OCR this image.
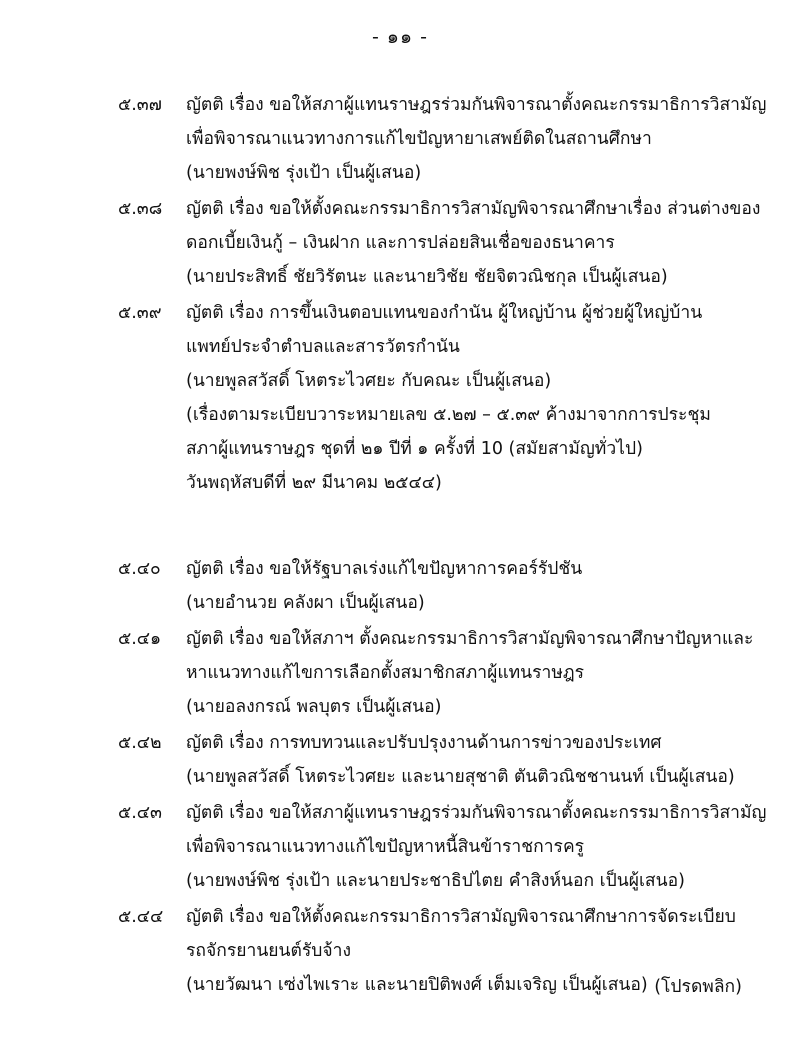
- ๑๑ -
๕.๓๗	ญัตติ เรื่อง ขอให้สภาผู้แทนราษฎรร่วมกันพิจารณาตั้งคณะกรรมาธิการวิสามัญ
เพื่อพิจารณาแนวทางการแก้ไขปัญหายาเสพย์ติดในสถานศึกษา
(นายพงษ์พิช รุ่งเป้า เป็นผู้เสนอ)
๕.๓๘	ญัตติ เรื่อง ขอให้ตั้งคณะกรรมาธิการวิสามัญพิจารณาศึกษาเรื่อง ส่วนต่างของ
ดอกเบี้ยเงินกู้ – เงินฝาก และการปล่อยสินเชื่อของธนาคาร
(นายประสิทธิ์ ชัยวิรัตนะ และนายวิชัย ชัยจิตวณิชกุล เป็นผู้เสนอ)
๕.๓๙	ญัตติ เรื่อง การขึ้นเงินตอบแทนของกำนัน ผู้ใหญ่บ้าน ผู้ช่วยผู้ใหญ่บ้าน
แพทย์ประจำตำบลและสารวัตรกำนัน
(นายพูลสวัสดิ์ โหตระไวศยะ กับคณะ เป็นผู้เสนอ)
(เรื่องตามระเบียบวาระหมายเลข ๕.๒๗ – ๕.๓๙ ค้างมาจากการประชุม
สภาผู้แทนราษฎร ชุดที่ ๒๑ ปีที่ ๑ ครั้งที่ 10 (สมัยสามัญทั่วไป)
วันพฤหัสบดีที่ ๒๙ มีนาคม ๒๕๔๔)
๕.๔๐	ญัตติ เรื่อง ขอให้รัฐบาลเร่งแก้ไขปัญหาการคอร์รัปชัน
(นายอำนวย คลังผา เป็นผู้เสนอ)
๕.๔๑	ญัตติ เรื่อง ขอให้สภาฯ ตั้งคณะกรรมาธิการวิสามัญพิจารณาศึกษาปัญหาและ
หาแนวทางแก้ไขการเลือกตั้งสมาชิกสภาผู้แทนราษฎร
(นายอลงกรณ์ พลบุตร เป็นผู้เสนอ)
๕.๔๒	ญัตติ เรื่อง การทบทวนและปรับปรุงงานด้านการข่าวของประเทศ
(นายพูลสวัสดิ์ โหตระไวศยะ และนายสุชาติ ตันติวณิชชานนท์ เป็นผู้เสนอ)
๕.๔๓	ญัตติ เรื่อง ขอให้สภาผู้แทนราษฎรร่วมกันพิจารณาตั้งคณะกรรมาธิการวิสามัญ
เพื่อพิจารณาแนวทางแก้ไขปัญหาหนี้สินข้าราชการครู
(นายพงษ์พิช รุ่งเป้า และนายประชาธิปไตย คำสิงห์นอก เป็นผู้เสนอ)
๕.๔๔	ญัตติ เรื่อง ขอให้ตั้งคณะกรรมาธิการวิสามัญพิจารณาศึกษาการจัดระเบียบ
รถจักรยานยนต์รับจ้าง
(นายวัฒนา เซ่งไพเราะ และนายปิติพงศ์ เต็มเจริญ เป็นผู้เสนอ) (โปรดพลิก)
